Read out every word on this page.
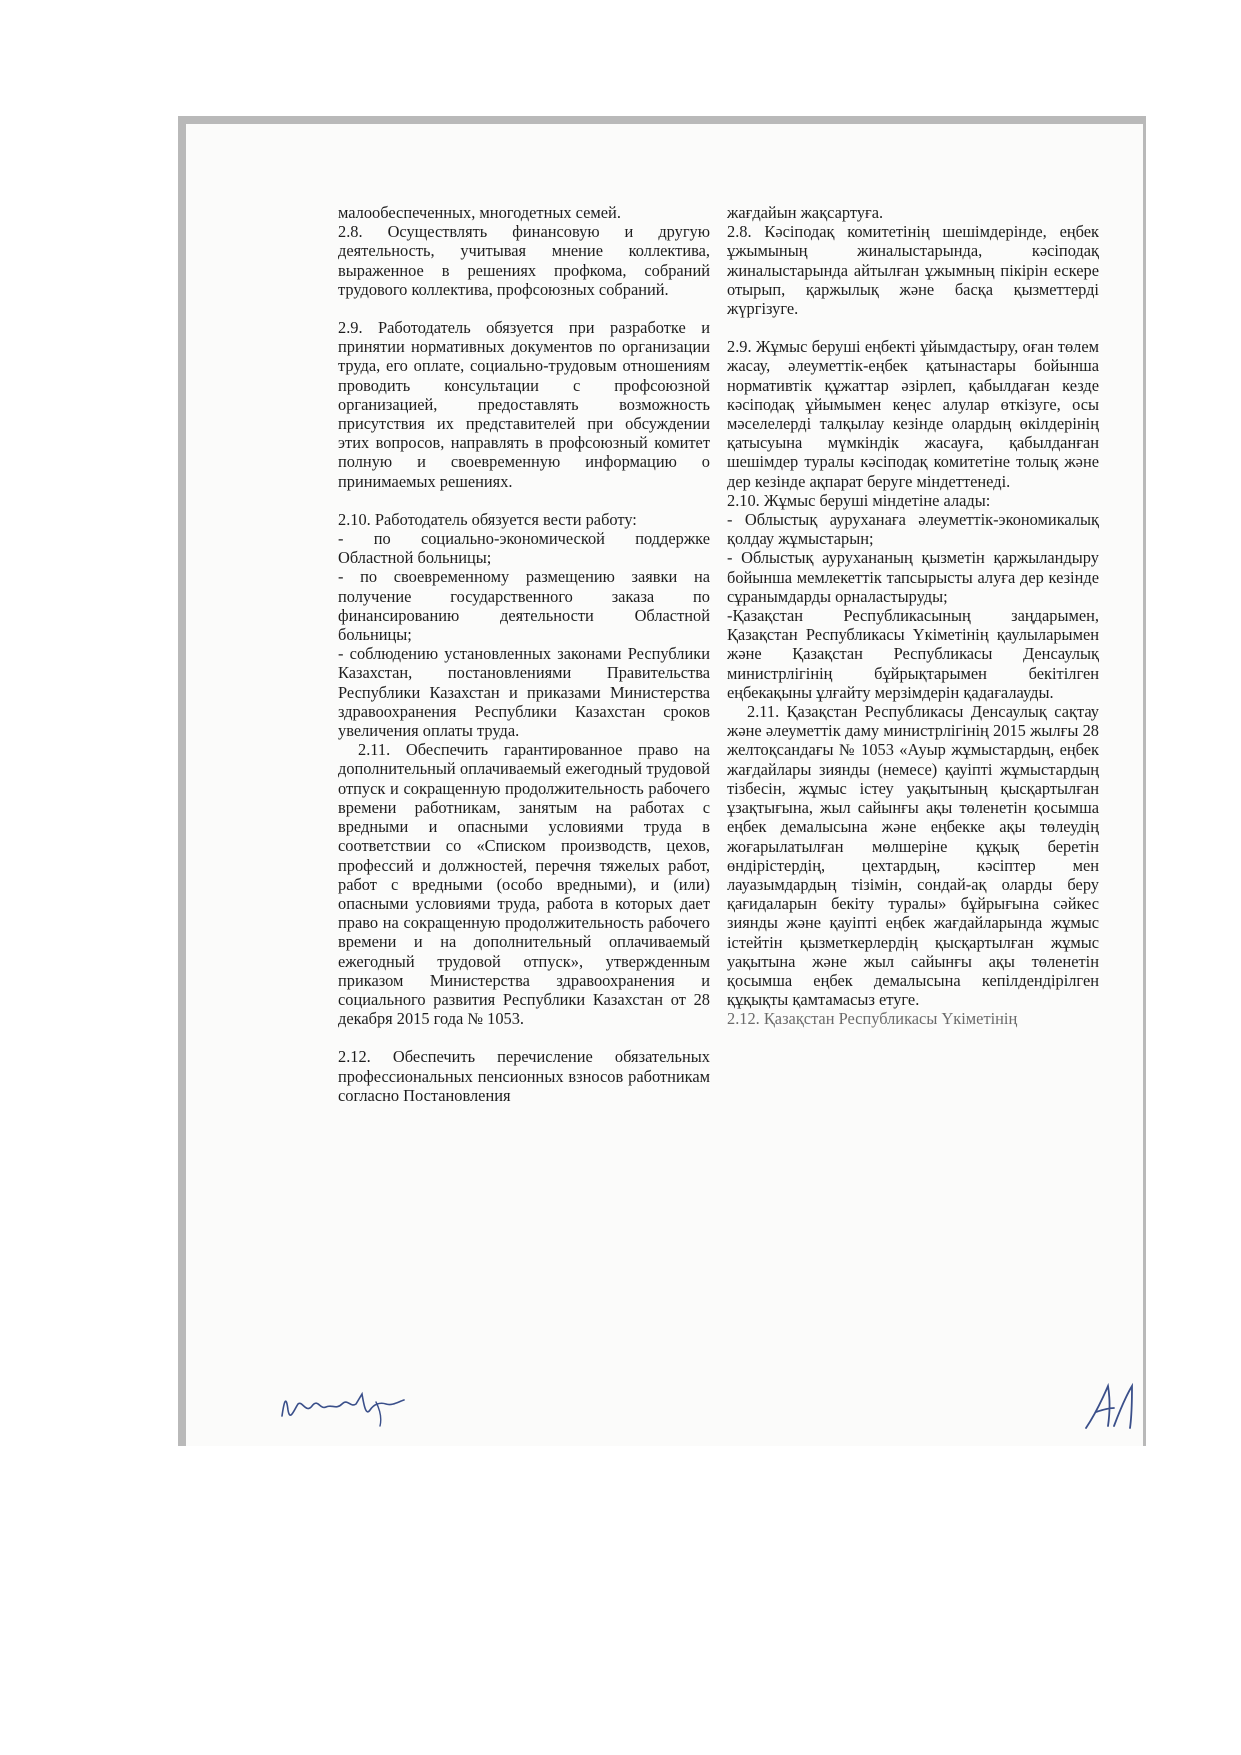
малообеспеченных, многодетных семей.

2.8. Осуществлять финансовую и другую деятельность, учитывая мнение коллектива, выраженное в решениях профкома, собраний трудового коллектива, профсоюзных собраний.

2.9. Работодатель обязуется при разработке и принятии нормативных документов по организации труда, его оплате, социально-трудовым отношениям проводить консультации с профсоюзной организацией, предоставлять возможность присутствия их представителей при обсуждении этих вопросов, направлять в профсоюзный комитет полную и своевременную информацию о принимаемых решениях.

2.10. Работодатель обязуется вести работу:

- по социально-экономической поддержке Областной больницы;

- по своевременному размещению заявки на получение государственного заказа по финансированию деятельности Областной больницы;

- соблюдению установленных законами Республики Казахстан, постановлениями Правительства Республики Казахстан и приказами Министерства здравоохранения Республики Казахстан сроков увеличения оплаты труда.

2.11. Обеспечить гарантированное право на дополнительный оплачиваемый ежегодный трудовой отпуск и сокращенную продолжительность рабочего времени работникам, занятым на работах с вредными и опасными условиями труда в соответствии со «Списком производств, цехов, профессий и должностей, перечня тяжелых работ, работ с вредными (особо вредными), и (или) опасными условиями труда, работа в которых дает право на сокращенную продолжительность рабочего времени и на дополнительный оплачиваемый ежегодный трудовой отпуск», утвержденным приказом Министерства здравоохранения и социального развития Республики Казахстан от 28 декабря 2015 года № 1053.

2.12. Обеспечить перечисление обязательных профессиональных пенсионных взносов работникам согласно Постановления

жағдайын жақсартуға.

2.8. Кәсіподақ комитетінің шешімдерінде, еңбек ұжымының жиналыстарында, кәсіподақ жиналыстарында айтылған ұжымның пікірін ескере отырып, қаржылық және басқа қызметтерді жүргізуге.

2.9. Жұмыс беруші еңбекті ұйымдастыру, оған төлем жасау, әлеуметтік-еңбек қатынастары бойынша нормативтік құжаттар әзірлеп, қабылдаған кезде кәсіподақ ұйымымен кеңес алулар өткізуге, осы мәселелерді талқылау кезінде олардың өкілдерінің қатысуына мүмкіндік жасауға, қабылданған шешімдер туралы кәсіподақ комитетіне толық және дер кезінде ақпарат беруге міндеттенеді.

2.10. Жұмыс беруші міндетіне алады:

- Облыстық ауруханаға әлеуметтік-экономикалық қолдау жұмыстарын;

- Облыстық аурухананың қызметін қаржыландыру бойынша мемлекеттік тапсырысты алуға дер кезінде сұранымдарды орналастыруды;

-Қазақстан Республикасының заңдарымен, Қазақстан Республикасы Үкіметінің қаулыларымен және Қазақстан Республикасы Денсаулық министрлігінің бұйрықтарымен бекітілген еңбекақыны ұлғайту мерзімдерін қадағалауды.

2.11. Қазақстан Республикасы Денсаулық сақтау және әлеуметтік даму министрлігінің 2015 жылғы 28 желтоқсандағы № 1053 «Ауыр жұмыстардың, еңбек жағдайлары зиянды (немесе) қауіпті жұмыстардың тізбесін, жұмыс істеу уақытының қысқартылған ұзақтығына, жыл сайынғы ақы төленетін қосымша еңбек демалысына және еңбекке ақы төлеудің жоғарылатылған мөлшеріне құқық беретін өндірістердің, цехтардың, кәсіптер мен лауазымдардың тізімін, сондай-ақ оларды беру қағидаларын бекіту туралы» бұйрығына сәйкес зиянды және қауіпті еңбек жағдайларында жұмыс істейтін қызметкерлердің қысқартылған жұмыс уақытына және жыл сайынғы ақы төленетін қосымша еңбек демалысына кепілдендірілген құқықты қамтамасыз етуге.

2.12. Қазақстан Республикасы Үкіметінің
